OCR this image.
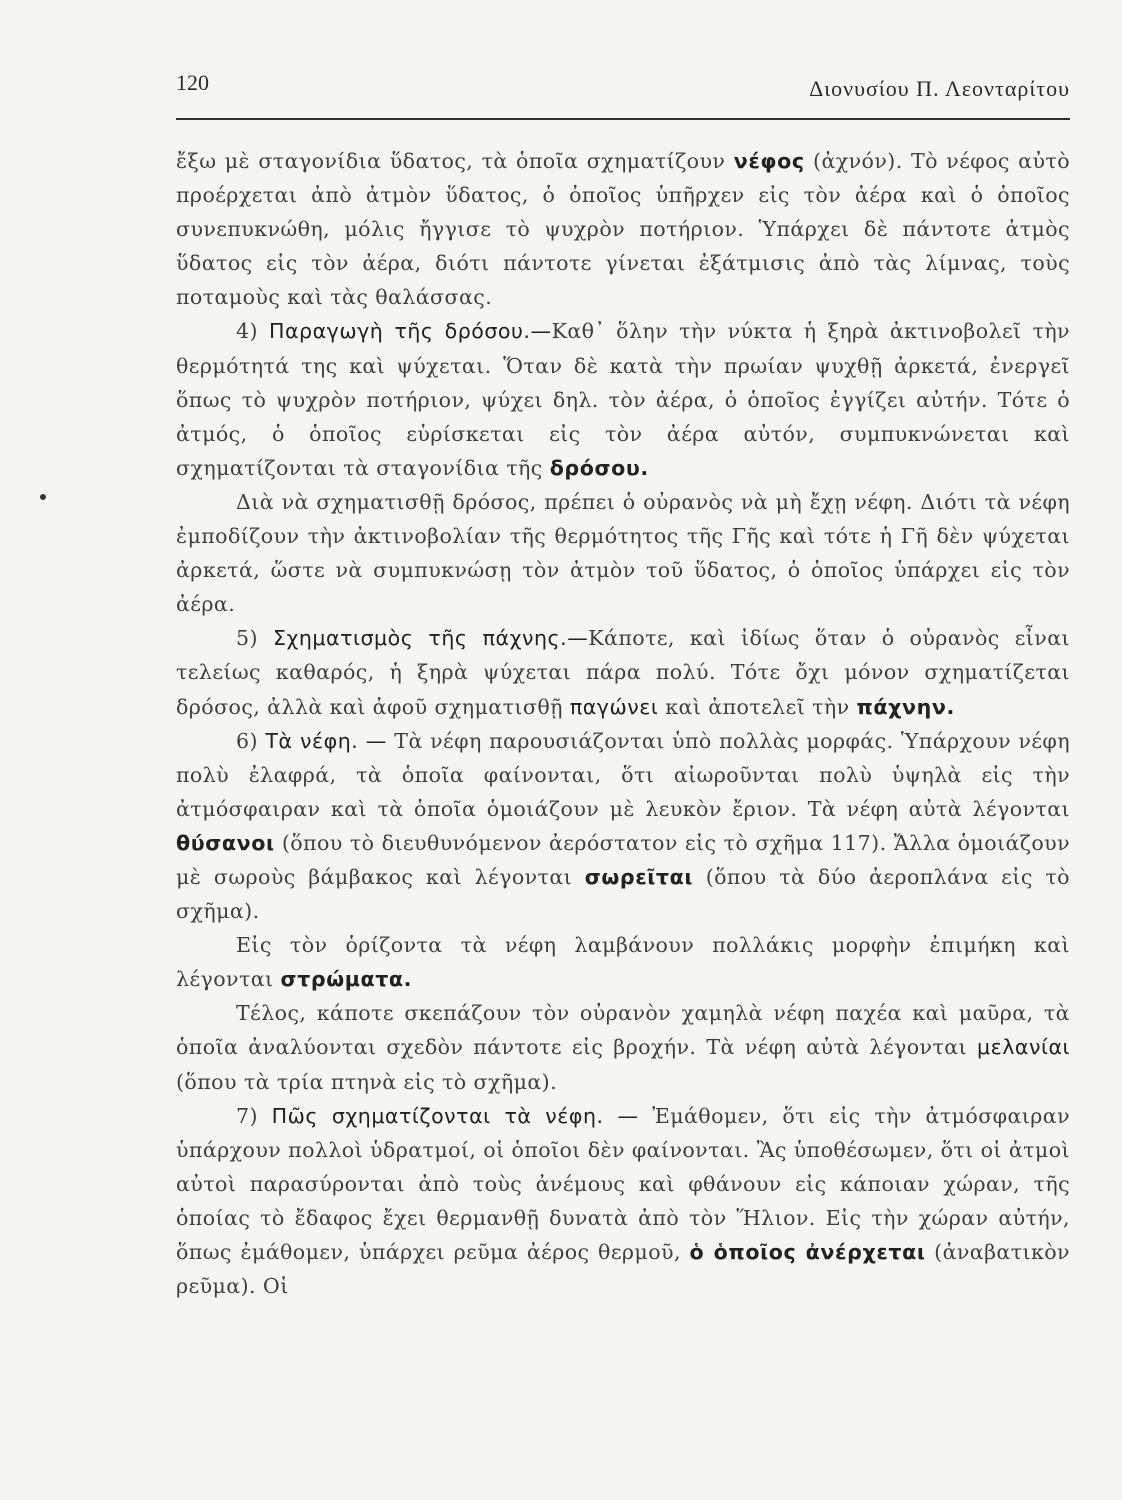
120	Διονυσίου Π. Λεονταρίτου

ἔξω μὲ σταγονίδια ὕδατος, τὰ ὁποῖα σχηματίζουν νέφος (ἀχνόν). Τὸ νέφος αὐτὸ προέρχεται ἀπὸ ἀτμὸν ὕδατος, ὁ ὁποῖος ὑπῆρχεν εἰς τὸν ἀέρα καὶ ὁ ὁποῖος συνεπυκνώθη, μόλις ἤγγισε τὸ ψυχρὸν ποτήριον. Ὑπάρχει δὲ πάντοτε ἀτμὸς ὕδατος εἰς τὸν ἀέρα, διότι πάντοτε γίνεται ἐξάτμισις ἀπὸ τὰς λίμνας, τοὺς ποταμοὺς καὶ τὰς θαλάσσας.

4) Παραγωγὴ τῆς δρόσου.—Καθ᾽ ὅλην τὴν νύκτα ἡ ξηρὰ ἀκτινοβολεῖ τὴν θερμότητά της καὶ ψύχεται. Ὅταν δὲ κατὰ τὴν πρωίαν ψυχθῇ ἀρκετά, ἐνεργεῖ ὅπως τὸ ψυχρὸν ποτήριον, ψύχει δηλ. τὸν ἀέρα, ὁ ὁποῖος ἐγγίζει αὐτήν. Τότε ὁ ἀτμός, ὁ ὁποῖος εὑρίσκεται εἰς τὸν ἀέρα αὐτόν, συμπυκνώνεται καὶ σχηματίζονται τὰ σταγονίδια τῆς δρόσου.

Διὰ νὰ σχηματισθῇ δρόσος, πρέπει ὁ οὐρανὸς νὰ μὴ ἔχῃ νέφη. Διότι τὰ νέφη ἐμποδίζουν τὴν ἀκτινοβολίαν τῆς θερμότητος τῆς Γῆς καὶ τότε ἡ Γῆ δὲν ψύχεται ἀρκετά, ὥστε νὰ συμπυκνώσῃ τὸν ἀτμὸν τοῦ ὕδατος, ὁ ὁποῖος ὑπάρχει εἰς τὸν ἀέρα.

5) Σχηματισμὸς τῆς πάχνης.—Κάποτε, καὶ ἰδίως ὅταν ὁ οὐρανὸς εἶναι τελείως καθαρός, ἡ ξηρὰ ψύχεται πάρα πολύ. Τότε ὄχι μόνον σχηματίζεται δρόσος, ἀλλὰ καὶ ἀφοῦ σχηματισθῇ παγώνει καὶ ἀποτελεῖ τὴν πάχνην.

6) Τὰ νέφη. — Τὰ νέφη παρουσιάζονται ὑπὸ πολλὰς μορφάς. Ὑπάρχουν νέφη πολὺ ἐλαφρά, τὰ ὁποῖα φαίνονται, ὅτι αἰωροῦνται πολὺ ὑψηλὰ εἰς τὴν ἀτμόσφαιραν καὶ τὰ ὁποῖα ὁμοιάζουν μὲ λευκὸν ἔριον. Τὰ νέφη αὐτὰ λέγονται θύσανοι (ὅπου τὸ διευθυνόμενον ἀερόστατον εἰς τὸ σχῆμα 117). Ἄλλα ὁμοιάζουν μὲ σωροὺς βάμβακος καὶ λέγονται σωρεῖται (ὅπου τὰ δύο ἀεροπλάνα εἰς τὸ σχῆμα).

Εἰς τὸν ὁρίζοντα τὰ νέφη λαμβάνουν πολλάκις μορφὴν ἐπιμήκη καὶ λέγονται στρώματα.

Τέλος, κάποτε σκεπάζουν τὸν οὐρανὸν χαμηλὰ νέφη παχέα καὶ μαῦρα, τὰ ὁποῖα ἀναλύονται σχεδὸν πάντοτε εἰς βροχήν. Τὰ νέφη αὐτὰ λέγονται μελανίαι (ὅπου τὰ τρία πτηνὰ εἰς τὸ σχῆμα).

7) Πῶς σχηματίζονται τὰ νέφη. — Ἐμάθομεν, ὅτι εἰς τὴν ἀτμόσφαιραν ὑπάρχουν πολλοὶ ὑδρατμοί, οἱ ὁποῖοι δὲν φαίνονται. Ἂς ὑποθέσωμεν, ὅτι οἱ ἀτμοὶ αὐτοὶ παρασύρονται ἀπὸ τοὺς ἀνέμους καὶ φθάνουν εἰς κάποιαν χώραν, τῆς ὁποίας τὸ ἔδαφος ἔχει θερμανθῇ δυνατὰ ἀπὸ τὸν Ἥλιον. Εἰς τὴν χώραν αὐτήν, ὅπως ἐμάθομεν, ὑπάρχει ρεῦμα ἀέρος θερμοῦ, ὁ ὁποῖος ἀνέρχεται (ἀναβατικὸν ρεῦμα). Οἱ
